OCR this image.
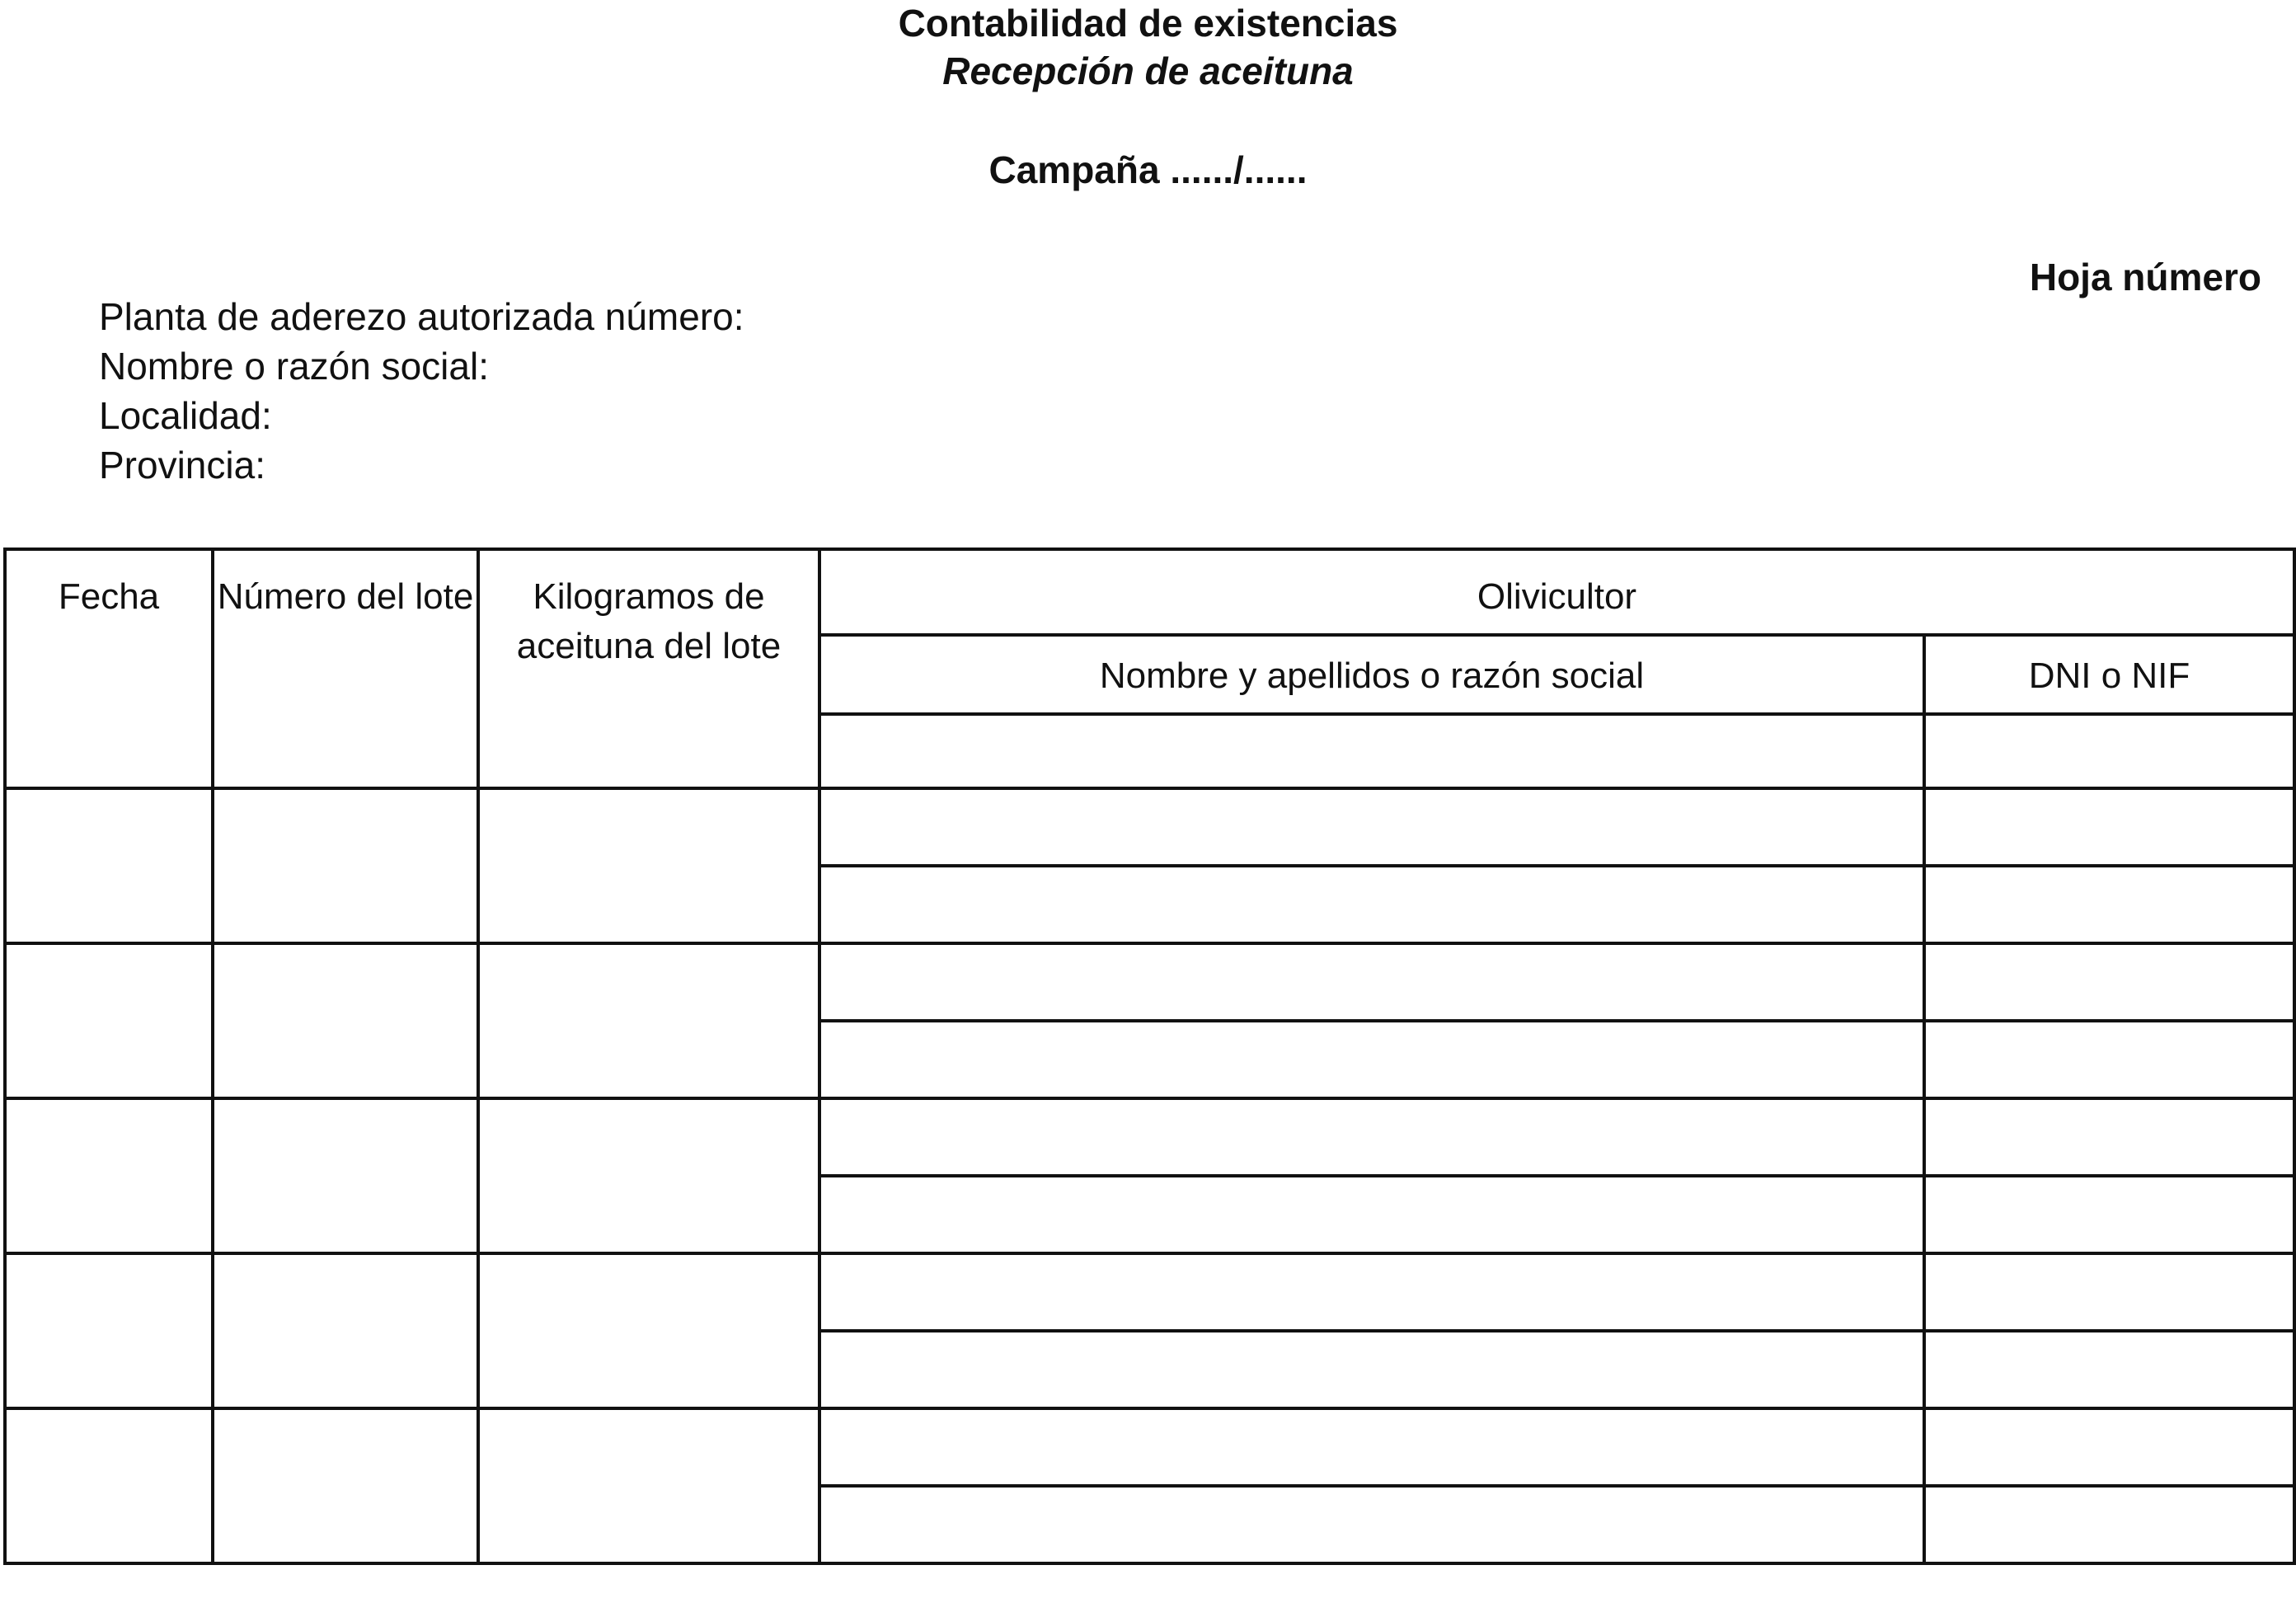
Contabilidad de existencias
Recepción de aceituna
Campaña ....../......
Hoja número
Planta de aderezo autorizada número:
Nombre o razón social:
Localidad:
Provincia:
Fecha	Número del lote	Kilogramos de aceituna del lote	Olivicultor	
			Nombre y apellidos o razón social	DNI o NIF
